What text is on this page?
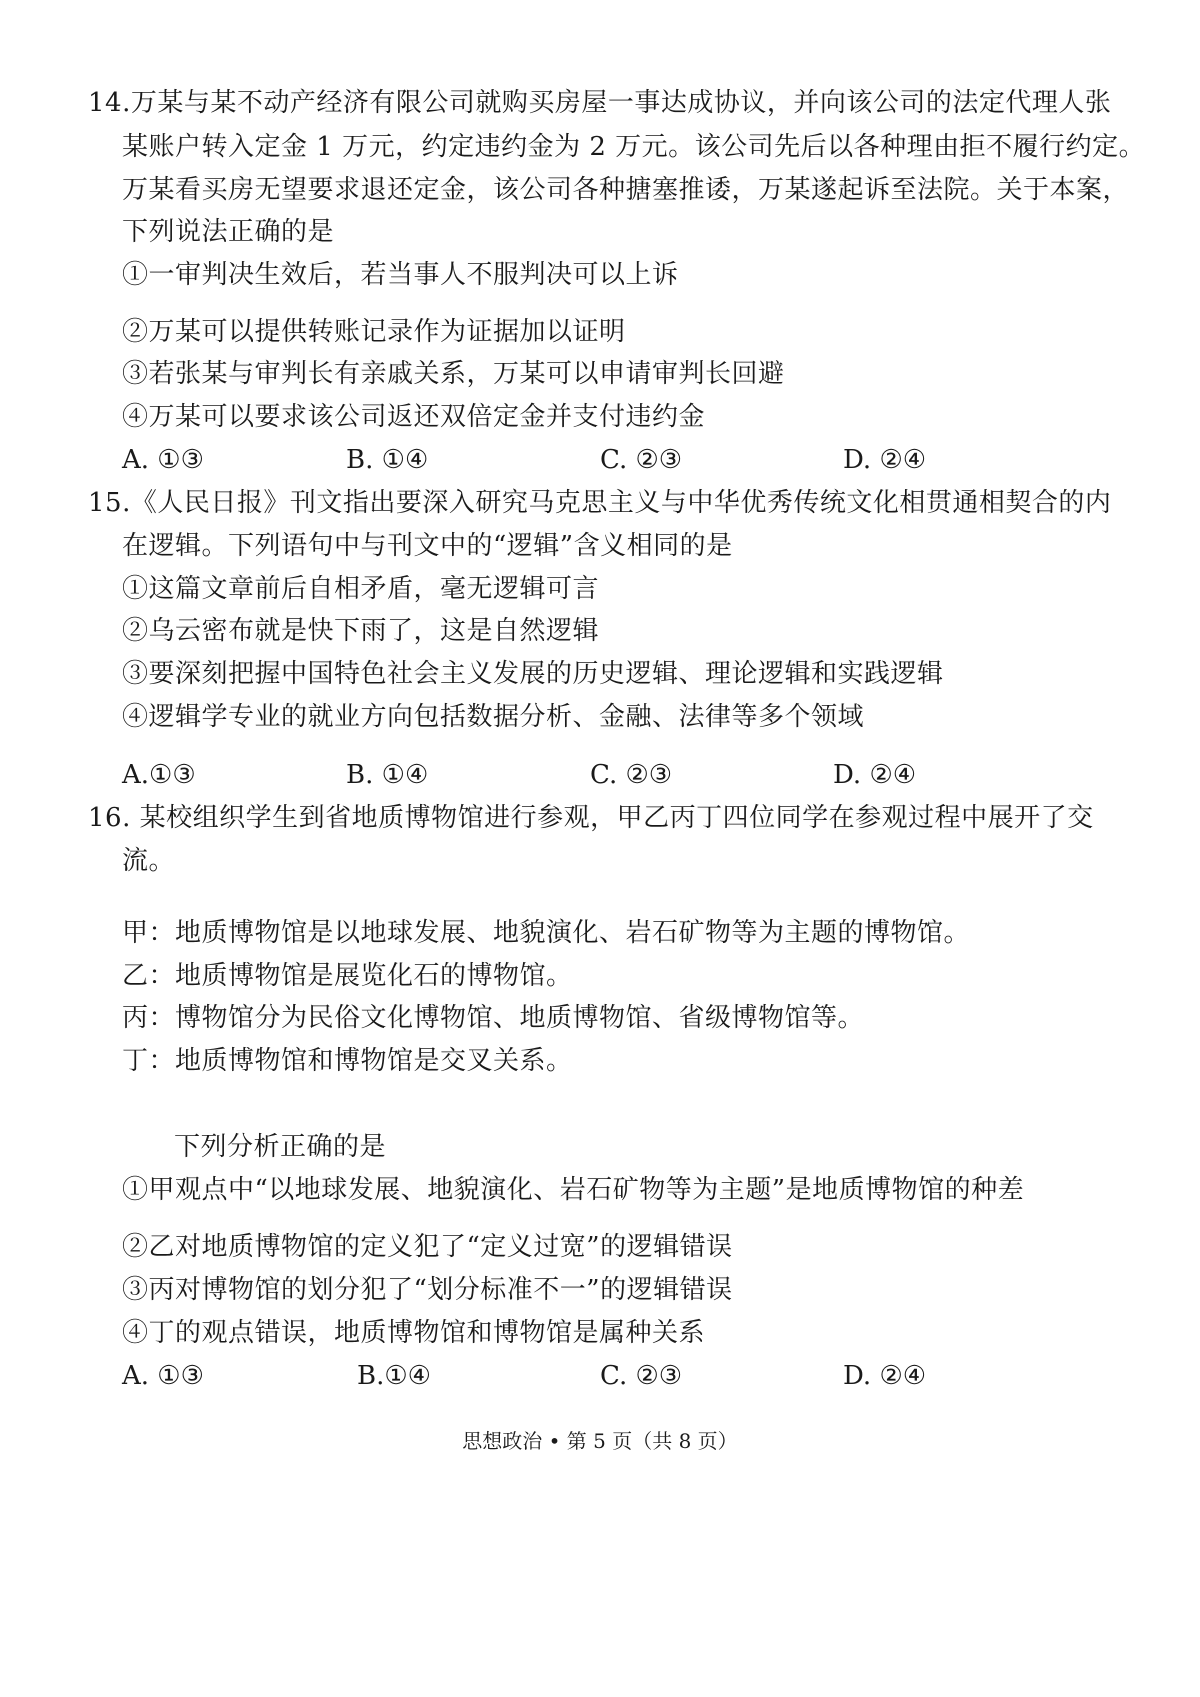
14.万某与某不动产经济有限公司就购买房屋一事达成协议，并向该公司的法定代理人张
某账户转入定金 1 万元，约定违约金为 2 万元。该公司先后以各种理由拒不履行约定。
万某看买房无望要求退还定金，该公司各种搪塞推诿，万某遂起诉至法院。关于本案，
下列说法正确的是
①一审判决生效后，若当事人不服判决可以上诉
②万某可以提供转账记录作为证据加以证明
③若张某与审判长有亲戚关系，万某可以申请审判长回避
④万某可以要求该公司返还双倍定金并支付违约金
A. ①③	B. ①④	C. ②③	D. ②④
15.《人民日报》刊文指出要深入研究马克思主义与中华优秀传统文化相贯通相契合的内
在逻辑。下列语句中与刊文中的“逻辑”含义相同的是
①这篇文章前后自相矛盾，毫无逻辑可言
②乌云密布就是快下雨了，这是自然逻辑
③要深刻把握中国特色社会主义发展的历史逻辑、理论逻辑和实践逻辑
④逻辑学专业的就业方向包括数据分析、金融、法律等多个领域
A.①③	B. ①④	C. ②③	D. ②④
16. 某校组织学生到省地质博物馆进行参观，甲乙丙丁四位同学在参观过程中展开了交
流。
甲：地质博物馆是以地球发展、地貌演化、岩石矿物等为主题的博物馆。
乙：地质博物馆是展览化石的博物馆。
丙：博物馆分为民俗文化博物馆、地质博物馆、省级博物馆等。
丁：地质博物馆和博物馆是交叉关系。
下列分析正确的是
①甲观点中“以地球发展、地貌演化、岩石矿物等为主题”是地质博物馆的种差
②乙对地质博物馆的定义犯了“定义过宽”的逻辑错误
③丙对博物馆的划分犯了“划分标准不一”的逻辑错误
④丁的观点错误，地质博物馆和博物馆是属种关系
A. ①③	B.①④	C. ②③	D. ②④
思想政治 • 第 5 页（共 8 页）
